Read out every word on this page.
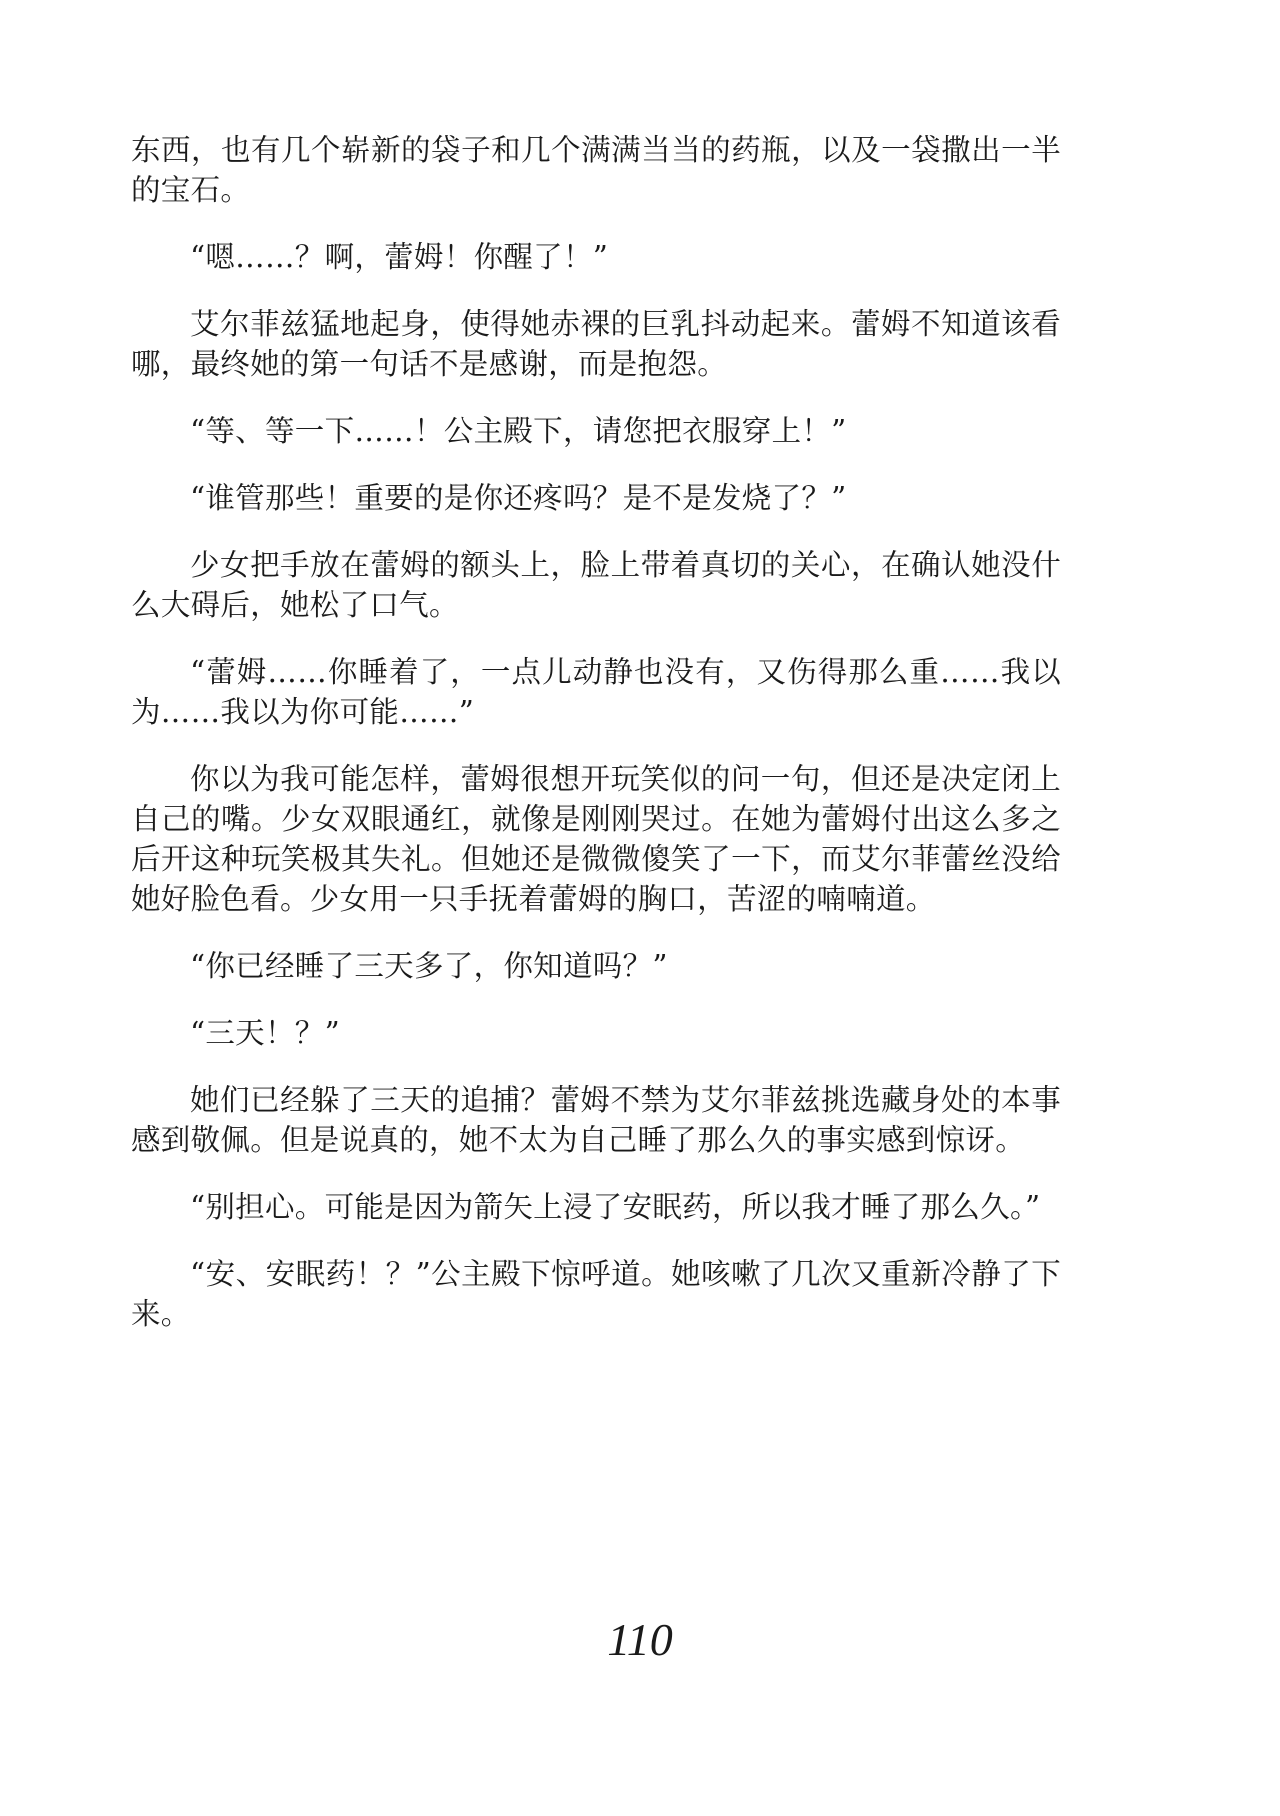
东西，也有几个崭新的袋子和几个满满当当的药瓶，以及一袋撒出一半的宝石。

“嗯……？啊，蕾姆！你醒了！”

艾尔菲兹猛地起身，使得她赤裸的巨乳抖动起来。蕾姆不知道该看哪，最终她的第一句话不是感谢，而是抱怨。

“等、等一下……！公主殿下，请您把衣服穿上！”

“谁管那些！重要的是你还疼吗？是不是发烧了？”

少女把手放在蕾姆的额头上，脸上带着真切的关心，在确认她没什么大碍后，她松了口气。

“蕾姆……你睡着了，一点儿动静也没有，又伤得那么重……我以为……我以为你可能……”

你以为我可能怎样，蕾姆很想开玩笑似的问一句，但还是决定闭上自己的嘴。少女双眼通红，就像是刚刚哭过。在她为蕾姆付出这么多之后开这种玩笑极其失礼。但她还是微微傻笑了一下，而艾尔菲蕾丝没给她好脸色看。少女用一只手抚着蕾姆的胸口，苦涩的喃喃道。

“你已经睡了三天多了，你知道吗？”

“三天！？”

她们已经躲了三天的追捕？蕾姆不禁为艾尔菲兹挑选藏身处的本事感到敬佩。但是说真的，她不太为自己睡了那么久的事实感到惊讶。

“别担心。可能是因为箭矢上浸了安眠药，所以我才睡了那么久。”

“安、安眠药！？”公主殿下惊呼道。她咳嗽了几次又重新冷静了下来。

110
